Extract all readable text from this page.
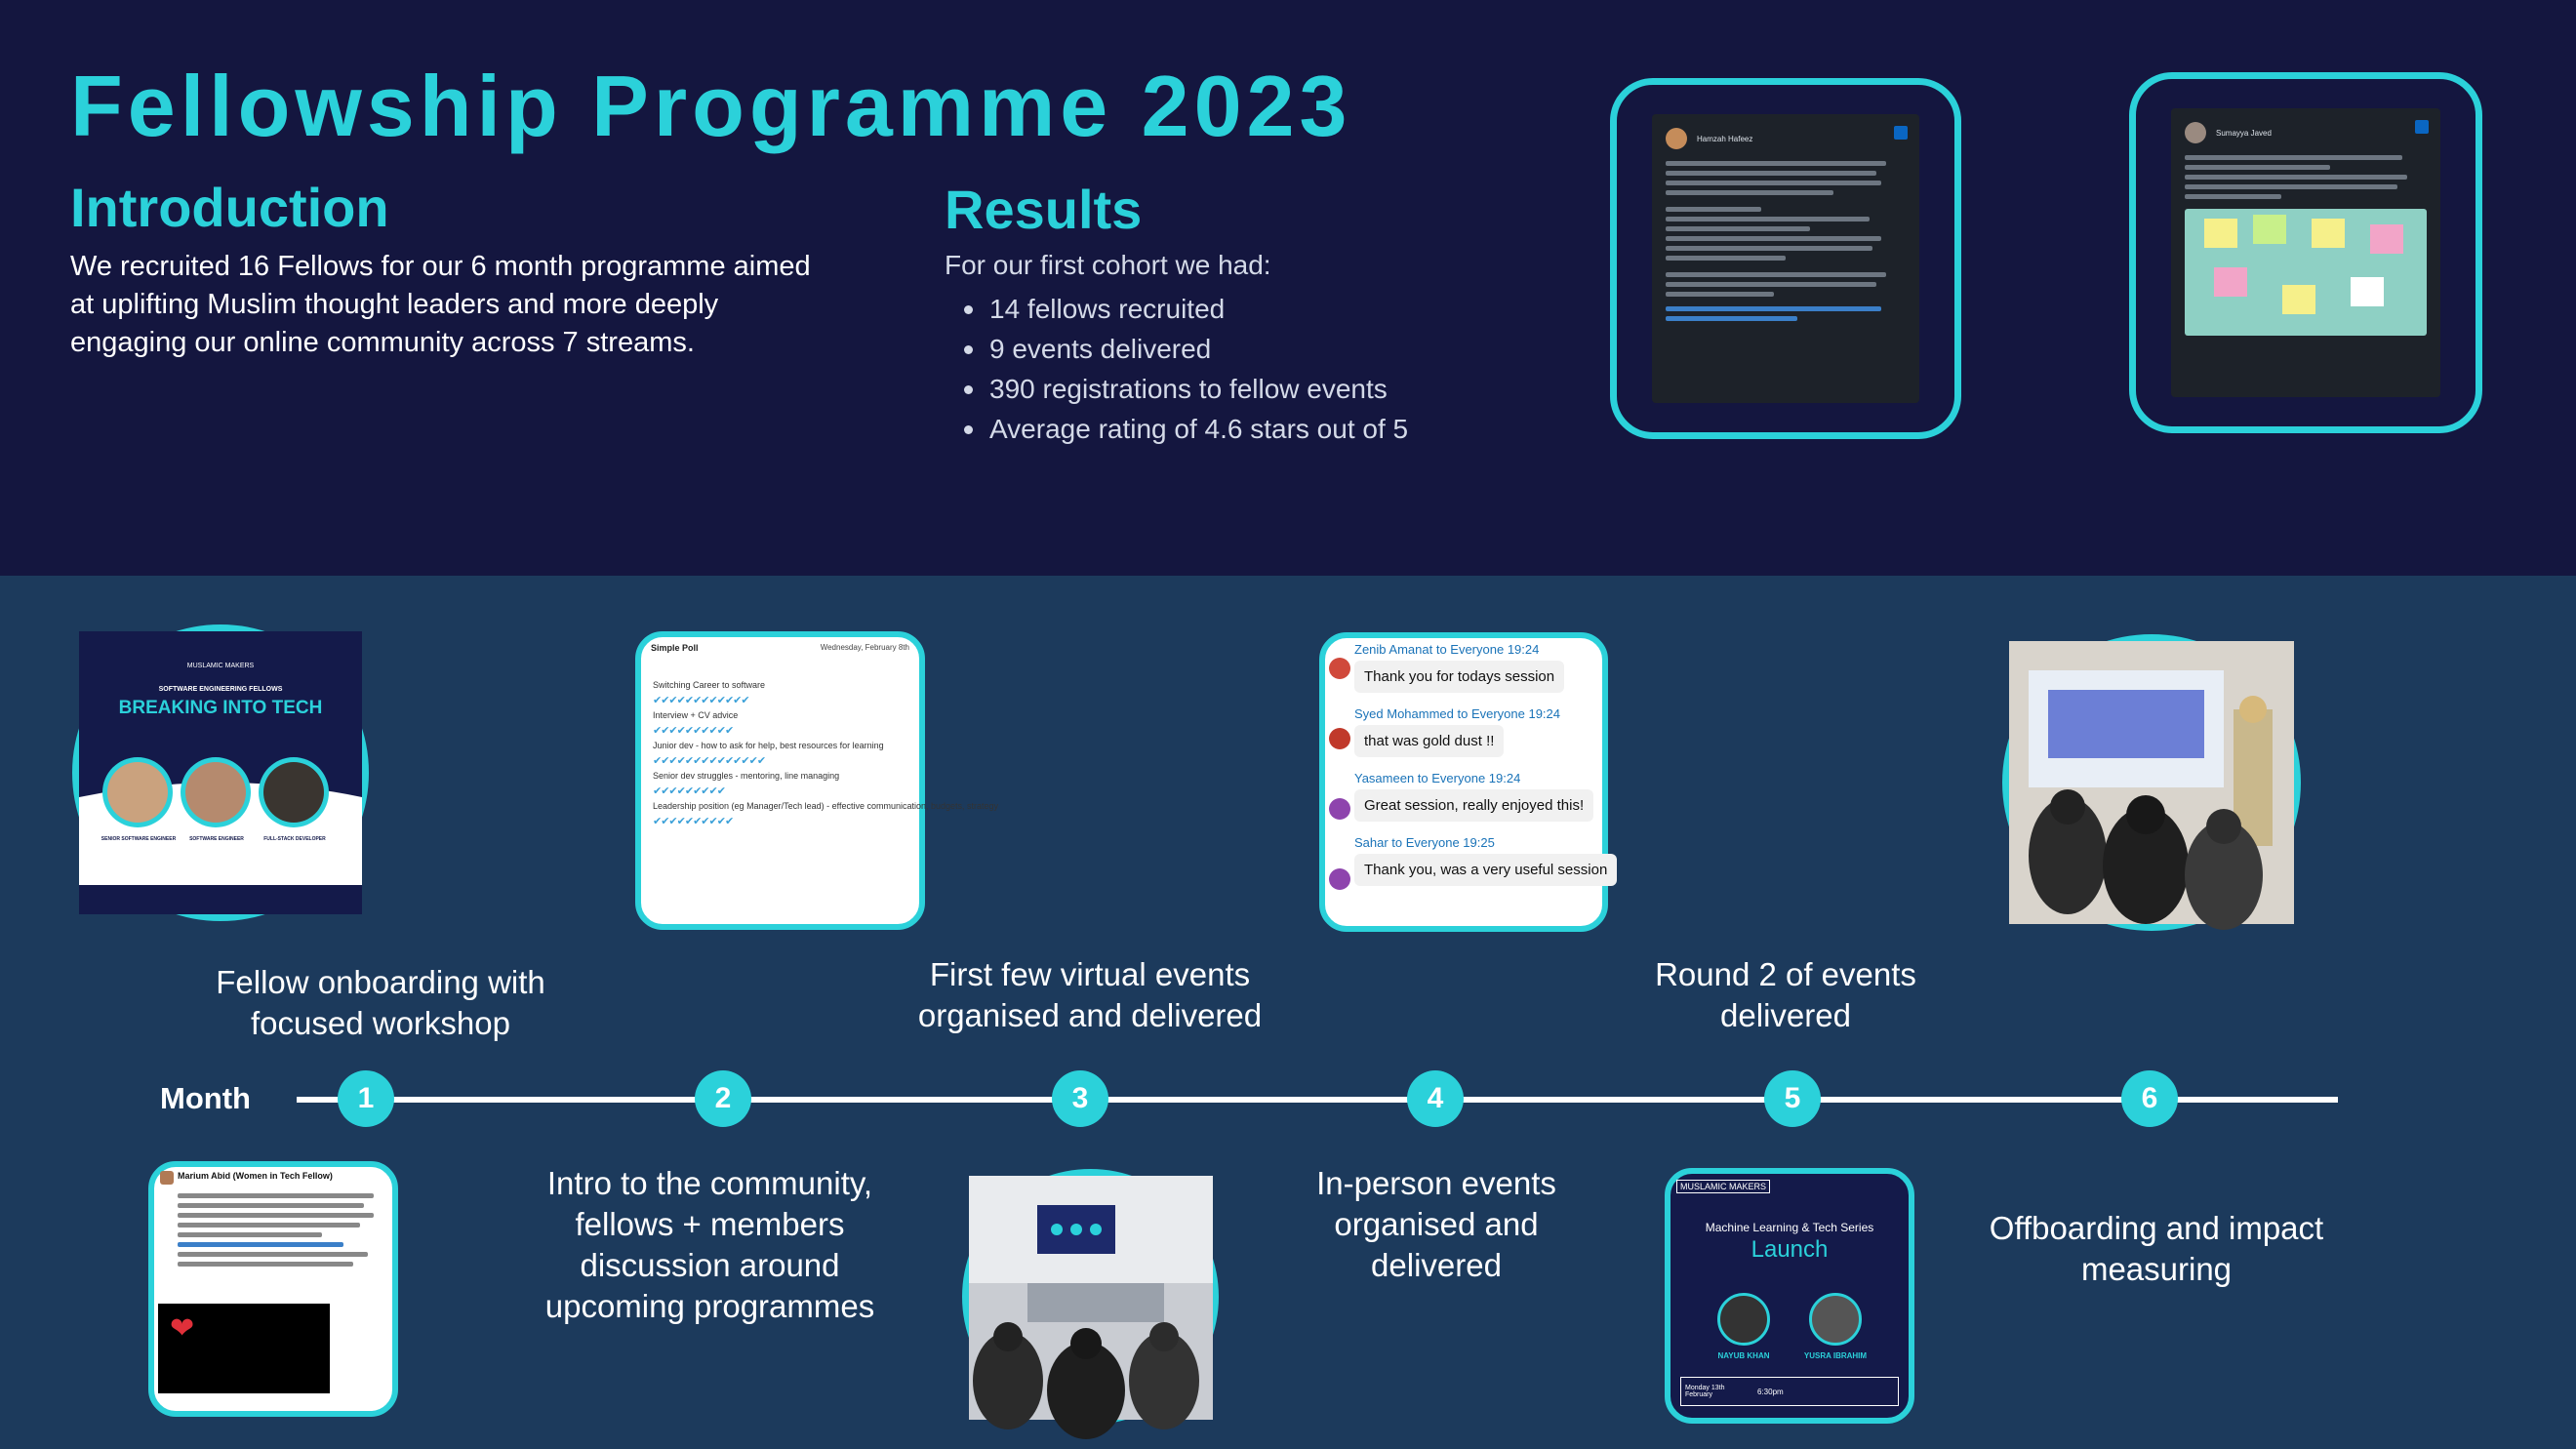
Fellowship Programme 2023
Introduction
We recruited 16 Fellows for our 6 month programme aimed at uplifting Muslim thought leaders and more deeply engaging our online community across 7 streams.
Results
For our first cohort we had:
14 fellows recruited
9 events delivered
390 registrations to fellow events
Average rating of 4.6 stars out of 5
Hamzah Hafeez
Sumayya Javed
MUSLAMIC MAKERS
SOFTWARE ENGINEERING FELLOWS
BREAKING INTO TECH
SENIOR SOFTWARE ENGINEER	SOFTWARE ENGINEER	FULL-STACK DEVELOPER
Simple Poll	Wednesday, February 8th
Switching Career to software
✔✔✔✔✔✔✔✔✔✔✔✔
Interview + CV advice
✔✔✔✔✔✔✔✔✔✔
Junior dev - how to ask for help, best resources for learning
✔✔✔✔✔✔✔✔✔✔✔✔✔✔
Senior dev struggles - mentoring, line managing
✔✔✔✔✔✔✔✔✔
Leadership position (eg Manager/Tech lead) - effective communication, budgets, strategy
✔✔✔✔✔✔✔✔✔✔
Zenib Amanat to Everyone 19:24
Thank you for todays session
Syed Mohammed to Everyone 19:24
that was gold dust !!
Yasameen to Everyone 19:24
Great session, really enjoyed this!
Sahar to Everyone 19:25
Thank you, was a very useful session
Marium Abid (Women in Tech Fellow)
❤
MUSLAMIC MAKERS
Machine Learning & Tech Series
Launch
NAYUB KHAN	YUSRA IBRAHIM
Monday 13th February	6:30pm
Fellow onboarding with focused workshop
First few virtual events organised and delivered
Round 2 of events delivered
Month	1	2	3	4	5	6
Intro to the community, fellows + members discussion around upcoming programmes
In-person events organised and delivered
Offboarding and impact measuring
